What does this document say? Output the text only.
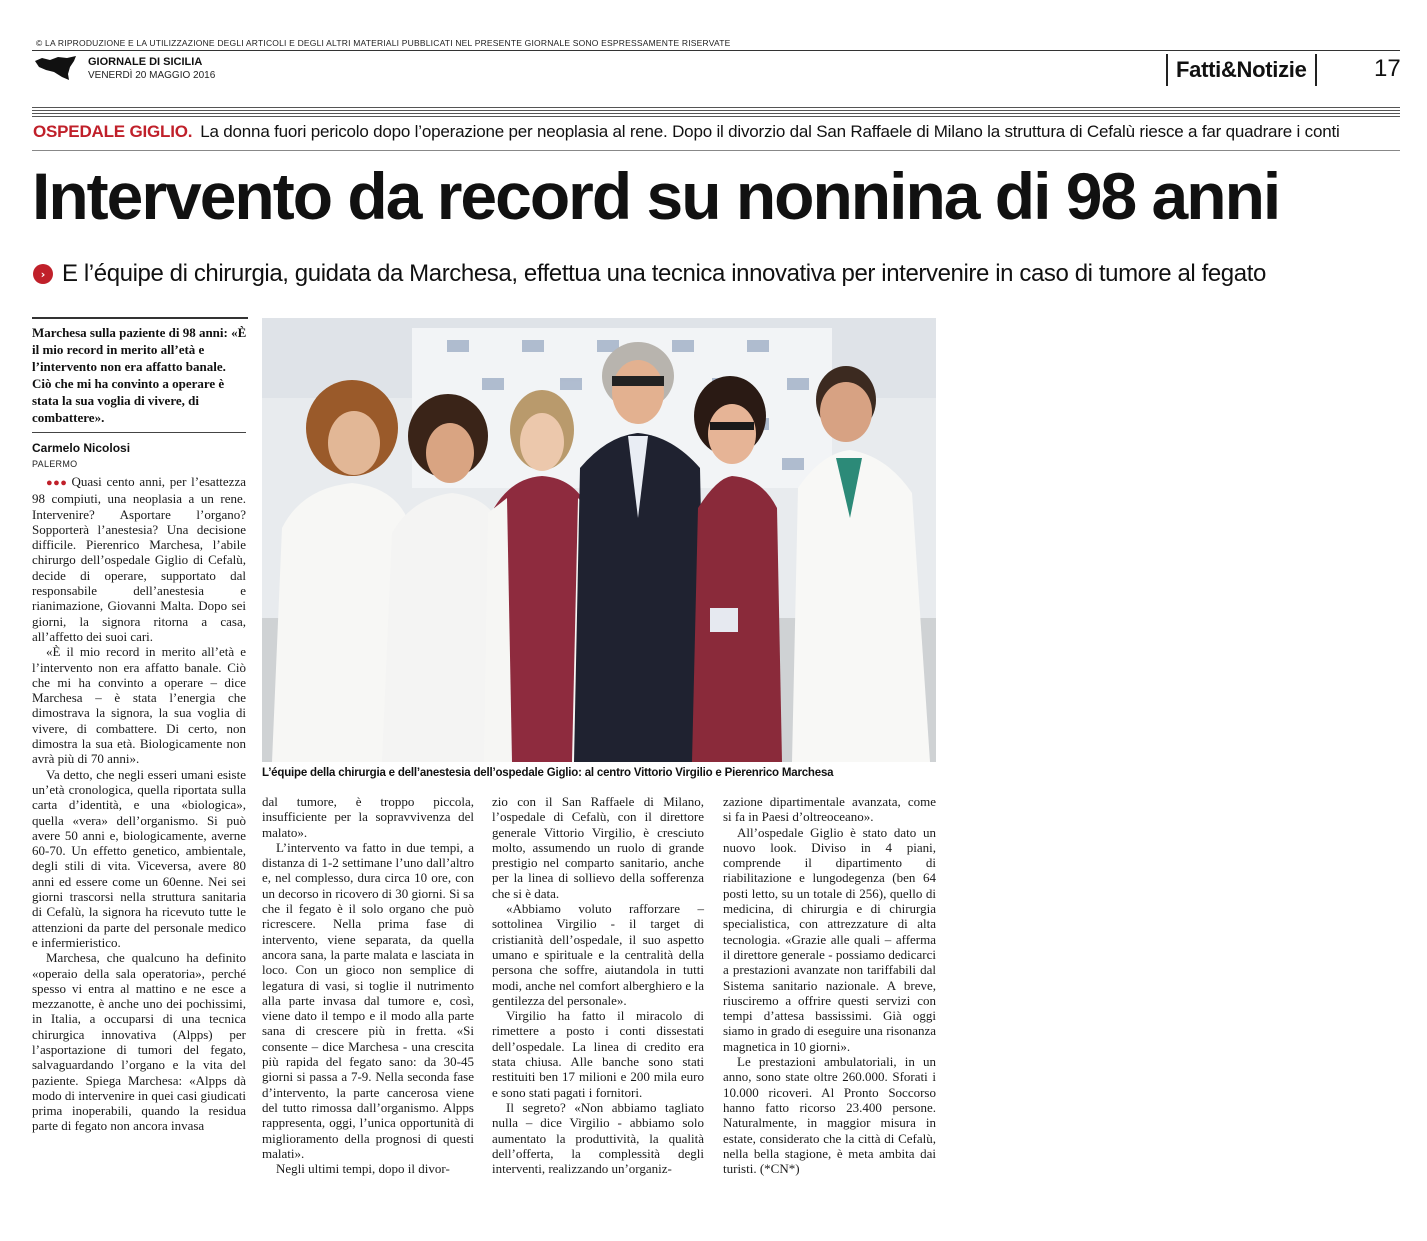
© LA RIPRODUZIONE E LA UTILIZZAZIONE DEGLI ARTICOLI E DEGLI ALTRI MATERIALI PUBBLICATI NEL PRESENTE GIORNALE SONO ESPRESSAMENTE RISERVATE
GIORNALE DI SICILIA
VENERDÌ 20 MAGGIO 2016	Fatti&Notizie	17
OSPEDALE GIGLIO. La donna fuori pericolo dopo l’operazione per neoplasia al rene. Dopo il divorzio dal San Raffaele di Milano la struttura di Cefalù riesce a far quadrare i conti
Intervento da record su nonnina di 98 anni
› E l’équipe di chirurgia, guidata da Marchesa, effettua una tecnica innovativa per intervenire in caso di tumore al fegato
Marchesa sulla paziente di 98 anni: «È il mio record in merito all’età e l’intervento non era affatto banale. Ciò che mi ha convinto a operare è stata la sua voglia di vivere, di combattere».
Carmelo Nicolosi
PALERMO

●●● Quasi cento anni, per l’esattezza 98 compiuti, una neoplasia a un rene. Intervenire? Asportare l’organo? Sopporterà l’anestesia? Una decisione difficile. Pierenrico Marchesa, l’abile chirurgo dell’ospedale Giglio di Cefalù, decide di operare, supportato dal responsabile dell’anestesia e rianimazione, Giovanni Malta. Dopo sei giorni, la signora ritorna a casa, all’affetto dei suoi cari.

«È il mio record in merito all’età e l’intervento non era affatto banale. Ciò che mi ha convinto a operare – dice Marchesa – è stata l’energia che dimostrava la signora, la sua voglia di vivere, di combattere. Di certo, non dimostra la sua età. Biologicamente non avrà più di 70 anni».

Va detto, che negli esseri umani esiste un’età cronologica, quella riportata sulla carta d’identità, e una «biologica», quella «vera» dell’organismo. Si può avere 50 anni e, biologicamente, averne 60-70. Un effetto genetico, ambientale, degli stili di vita. Viceversa, avere 80 anni ed essere come un 60enne. Nei sei giorni trascorsi nella struttura sanitaria di Cefalù, la signora ha ricevuto tutte le attenzioni da parte del personale medico e infermieristico.

Marchesa, che qualcuno ha definito «operaio della sala operatoria», perché spesso vi entra al mattino e ne esce a mezzanotte, è anche uno dei pochissimi, in Italia, a occuparsi di una tecnica chirurgica innovativa (Alpps) per l’asportazione di tumori del fegato, salvaguardando l’organo e la vita del paziente. Spiega Marchesa: «Alpps dà modo di intervenire in quei casi giudicati prima inoperabili, quando la residua parte di fegato non ancora invasa

L’équipe della chirurgia e dell’anestesia dell’ospedale Giglio: al centro Vittorio Virgilio e Pierenrico Marchesa

dal tumore, è troppo piccola, insufficiente per la sopravvivenza del malato».

L’intervento va fatto in due tempi, a distanza di 1-2 settimane l’uno dall’altro e, nel complesso, dura circa 10 ore, con un decorso in ricovero di 30 giorni. Si sa che il fegato è il solo organo che può ricrescere. Nella prima fase di intervento, viene separata, da quella ancora sana, la parte malata e lasciata in loco. Con un gioco non semplice di legatura di vasi, si toglie il nutrimento alla parte invasa dal tumore e, così, viene dato il tempo e il modo alla parte sana di crescere più in fretta. «Si consente – dice Marchesa - una crescita più rapida del fegato sano: da 30-45 giorni si passa a 7-9. Nella seconda fase d’intervento, la parte cancerosa viene del tutto rimossa dall’organismo. Alpps rappresenta, oggi, l’unica opportunità di miglioramento della prognosi di questi malati».

Negli ultimi tempi, dopo il divor-

zio con il San Raffaele di Milano, l’ospedale di Cefalù, con il direttore generale Vittorio Virgilio, è cresciuto molto, assumendo un ruolo di grande prestigio nel comparto sanitario, anche per la linea di sollievo della sofferenza che si è data.

«Abbiamo voluto rafforzare – sottolinea Virgilio - il target di cristianità dell’ospedale, il suo aspetto umano e spirituale e la centralità della persona che soffre, aiutandola in tutti modi, anche nel comfort alberghiero e la gentilezza del personale».

Virgilio ha fatto il miracolo di rimettere a posto i conti dissestati dell’ospedale. La linea di credito era stata chiusa. Alle banche sono stati restituiti ben 17 milioni e 200 mila euro e sono stati pagati i fornitori.

Il segreto? «Non abbiamo tagliato nulla – dice Virgilio - abbiamo solo aumentato la produttività, la qualità dell’offerta, la complessità degli interventi, realizzando un’organiz-

zazione dipartimentale avanzata, come si fa in Paesi d’oltreoceano».

All’ospedale Giglio è stato dato un nuovo look. Diviso in 4 piani, comprende il dipartimento di riabilitazione e lungodegenza (ben 64 posti letto, su un totale di 256), quello di medicina, di chirurgia e di chirurgia specialistica, con attrezzature di alta tecnologia. «Grazie alle quali – afferma il direttore generale - possiamo dedicarci a prestazioni avanzate non tariffabili dal Sistema sanitario nazionale. A breve, riusciremo a offrire questi servizi con tempi d’attesa bassissimi. Già oggi siamo in grado di eseguire una risonanza magnetica in 10 giorni».

Le prestazioni ambulatoriali, in un anno, sono state oltre 260.000. Sforati i 10.000 ricoveri. Al Pronto Soccorso hanno fatto ricorso 23.400 persone. Naturalmente, in maggior misura in estate, considerato che la città di Cefalù, nella bella stagione, è meta ambita dai turisti. (*CN*)
